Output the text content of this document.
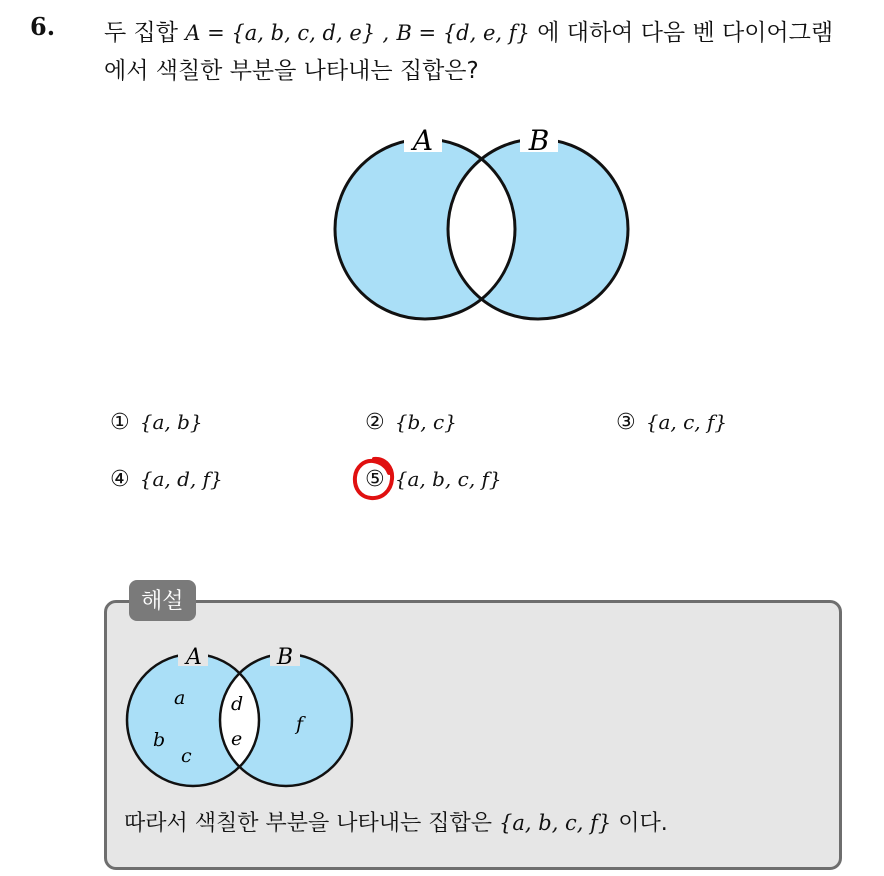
6. 두 집합 A = {a, b, c, d, e} , B = {d, e, f} 에 대하여 다음 벤 다이어그램
에서 색칠한 부분을 나타내는 집합은?
A	B
① {a, b}	② {b, c}	③ {a, c, f}
④ {a, d, f}	⑤ {a, b, c, f}
해설
A	B
a
b
c
d
e
f
따라서 색칠한 부분을 나타내는 집합은 {a, b, c, f} 이다.
